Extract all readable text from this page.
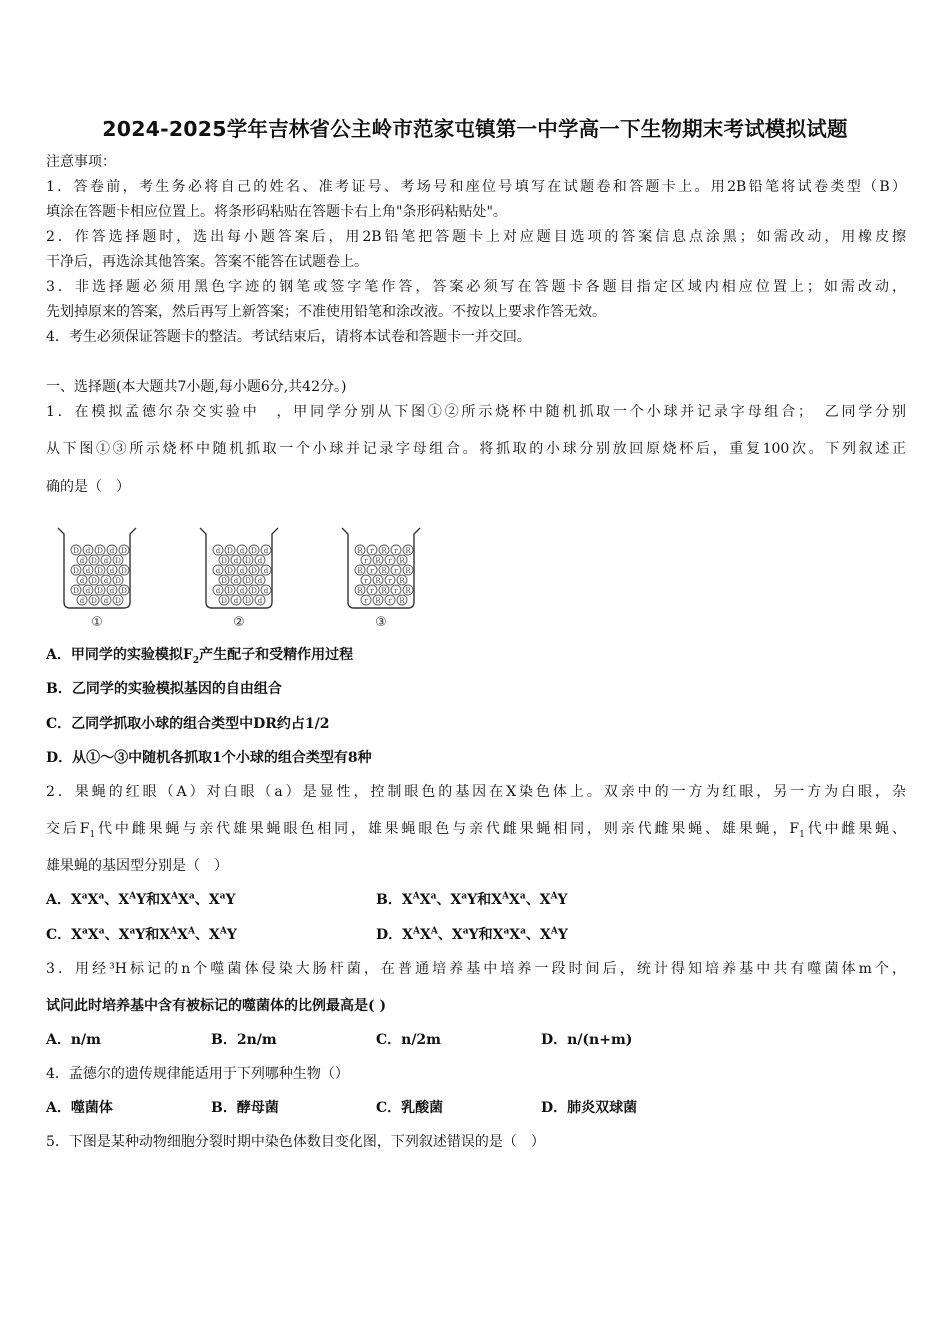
2024-2025学年吉林省公主岭市范家屯镇第一中学高一下生物期末考试模拟试题
注意事项：
1．答卷前，考生务必将自己的姓名、准考证号、考场号和座位号填写在试题卷和答题卡上。用2B铅笔将试卷类型（B）
填涂在答题卡相应位置上。将条形码粘贴在答题卡右上角"条形码粘贴处"。
2．作答选择题时，选出每小题答案后，用2B铅笔把答题卡上对应题目选项的答案信息点涂黑；如需改动，用橡皮擦
干净后，再选涂其他答案。答案不能答在试题卷上。
3．非选择题必须用黑色字迹的钢笔或签字笔作答，答案必须写在答题卡各题目指定区域内相应位置上；如需改动，
先划掉原来的答案，然后再写上新答案；不准使用铅笔和涂改液。不按以上要求作答无效。
4．考生必须保证答题卡的整洁。考试结束后，请将本试卷和答题卡一并交回。
一、选择题(本大题共7小题,每小题6分,共42分。)
1．在模拟孟德尔杂交实验中　，甲同学分别从下图①②所示烧杯中随机抓取一个小球并记录字母组合；　乙同学分别
从下图①③所示烧杯中随机抓取一个小球并记录字母组合。将抓取的小球分别放回原烧杯后，重复100次。下列叙述正
确的是（　）
D d D d D
d D d D
D d D d D
d D d D
D d D d D
d D d D
d D d D d
D d D d
d D d D d
D d D d
d D d D d
D d D d
R r R r R
r R r R
R r R r R
r R r R
R r R r R
r R r R
①	②	③
A．甲同学的实验模拟$F_2$产生配子和受精作用过程
B．乙同学的实验模拟基因的自由组合
C．乙同学抓取小球的组合类型中DR约占1/2
D．从①～③中随机各抓取1个小球的组合类型有8种
2．果蝇的红眼（A）对白眼（a）是显性，控制眼色的基因在X染色体上。双亲中的一方为红眼，另一方为白眼，杂
交后$F_1$代中雌果蝇与亲代雄果蝇眼色相同，雄果蝇眼色与亲代雌果蝇相同，则亲代雌果蝇、雄果蝇，$F_1$代中雌果蝇、
雄果蝇的基因型分别是（　）
A．$X^aX^a$、$X^AY$和$X^AX^a$、$X^aY$	B．$X^AX^a$、$X^aY$和$X^AX^a$、$X^AY$
C．$X^aX^a$、$X^aY$和$X^AX^A$、$X^AY$	D．$X^AX^A$、$X^aY$和$X^aX^a$、$X^AY$
3．用经³H标记的n个噬菌体侵染大肠杆菌，在普通培养基中培养一段时间后，统计得知培养基中共有噬菌体m个，
试问此时培养基中含有被标记的噬菌体的比例最高是( )
A．n/m	B．2n/m	C．n/2m	D．n/(n+m)
4．孟德尔的遗传规律能适用于下列哪种生物（）
A．噬菌体	B．酵母菌	C．乳酸菌	D．肺炎双球菌
5．下图是某种动物细胞分裂时期中染色体数目变化图，下列叙述错误的是（　）
